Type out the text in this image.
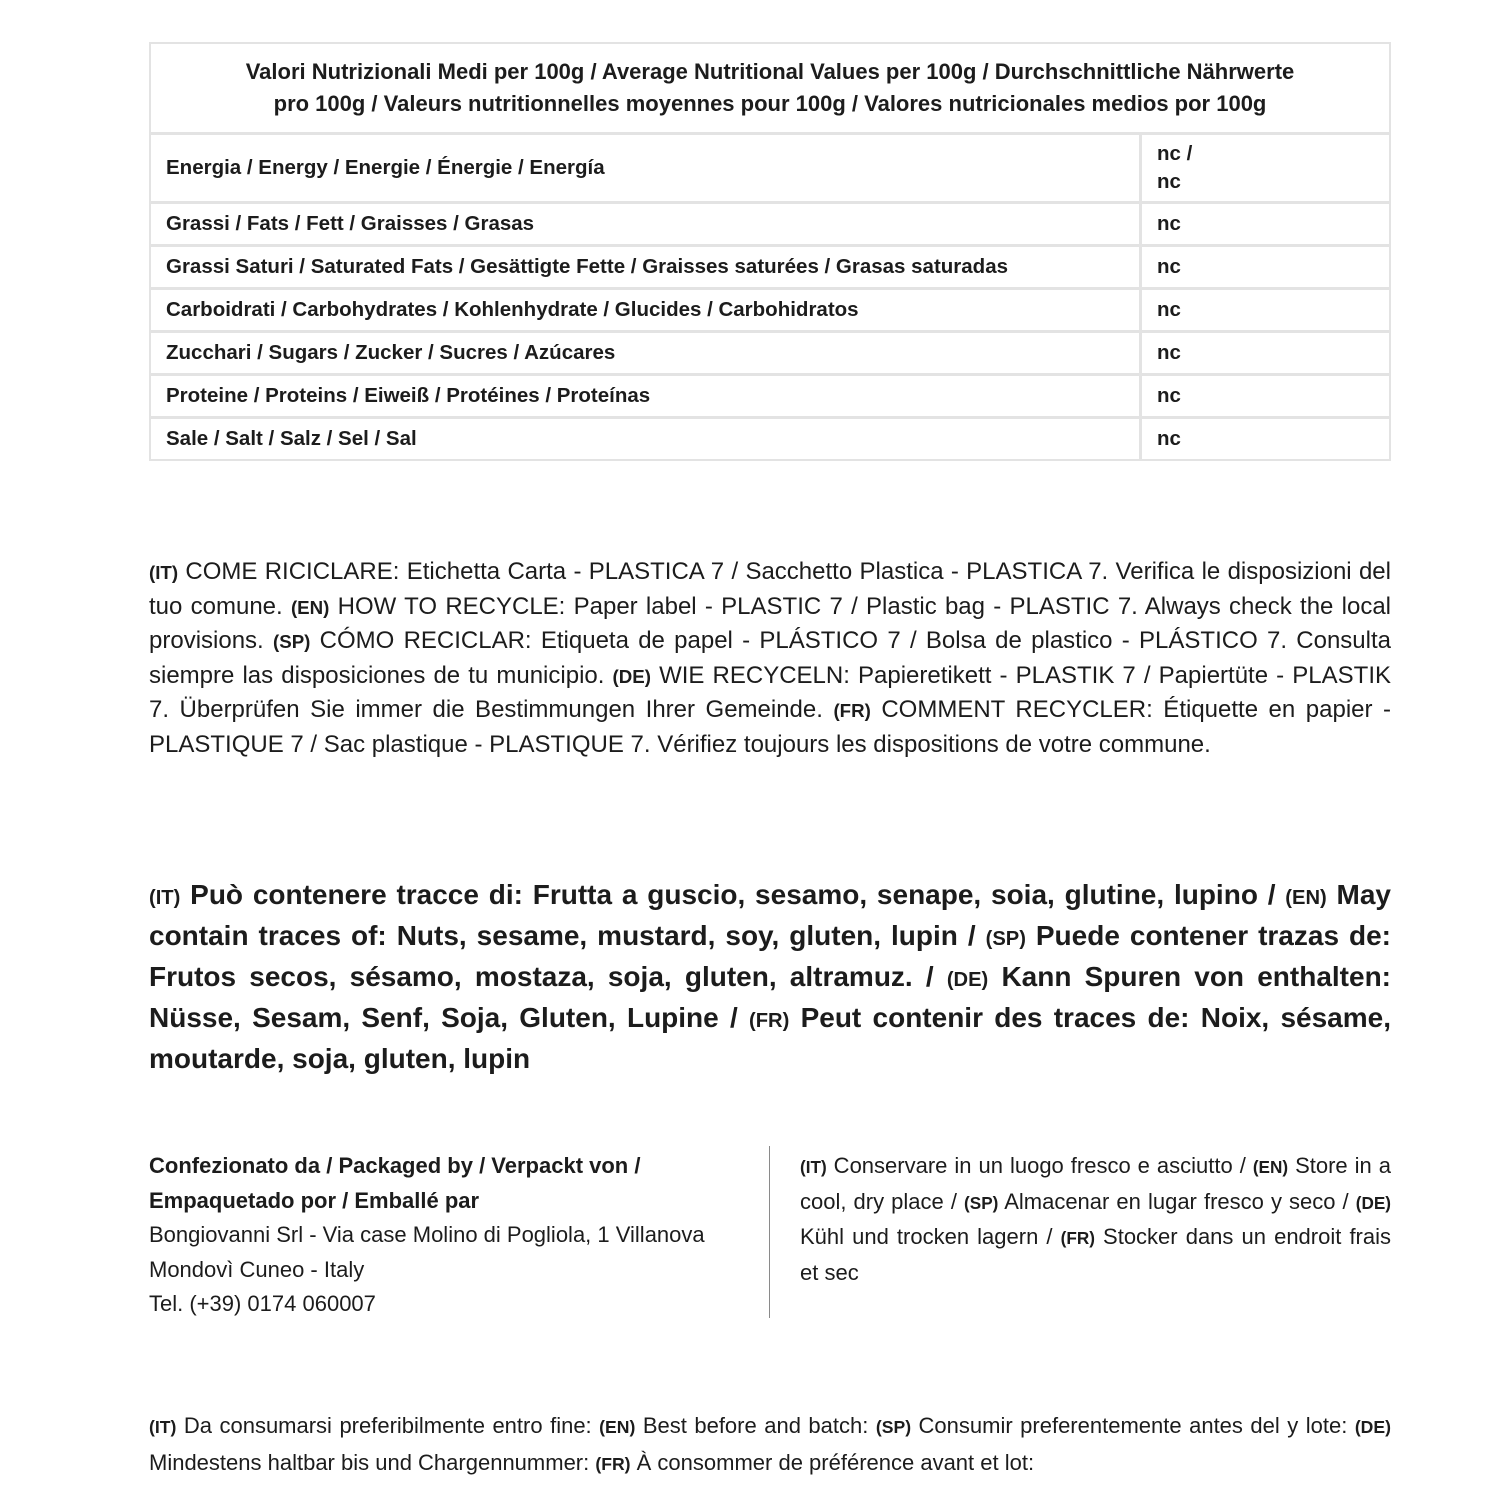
Valori Nutrizionali Medi per 100g / Average Nutritional Values per 100g / Durchschnittliche Nährwerte
pro 100g / Valeurs nutritionnelles moyennes pour 100g / Valores nutricionales medios por 100g	
Energia / Energy / Energie / Énergie / Energía	nc /
nc
Grassi / Fats / Fett / Graisses / Grasas	nc
Grassi Saturi / Saturated Fats / Gesättigte Fette / Graisses saturées / Grasas saturadas	nc
Carboidrati / Carbohydrates / Kohlenhydrate / Glucides / Carbohidratos	nc
Zucchari / Sugars / Zucker / Sucres / Azúcares	nc
Proteine / Proteins / Eiweiß / Protéines / Proteínas	nc
Sale / Salt / Salz / Sel / Sal	nc

(IT) COME RICICLARE: Etichetta Carta - PLASTICA 7 / Sacchetto Plastica - PLASTICA 7. Verifica le disposizioni del tuo comune. (EN) HOW TO RECYCLE: Paper label - PLASTIC 7 / Plastic bag - PLASTIC 7. Always check the local provisions. (SP) CÓMO RECICLAR: Etiqueta de papel - PLÁSTICO 7 / Bolsa de plastico - PLÁSTICO 7. Consulta siempre las disposiciones de tu municipio. (DE) WIE RECYCELN: Papieretikett - PLASTIK 7 / Papiertüte - PLASTIK 7. Überprüfen Sie immer die Bestimmungen Ihrer Gemeinde. (FR) COMMENT RECYCLER: Étiquette en papier - PLASTIQUE 7 / Sac plastique - PLASTIQUE 7. Vérifiez toujours les dispositions de votre commune.

(IT) Può contenere tracce di: Frutta a guscio, sesamo, senape, soia, glutine, lupino / (EN) May contain traces of: Nuts, sesame, mustard, soy, gluten, lupin / (SP) Puede contener trazas de: Frutos secos, sésamo, mostaza, soja, gluten, altramuz. / (DE) Kann Spuren von enthalten: Nüsse, Sesam, Senf, Soja, Gluten, Lupine / (FR) Peut contenir des traces de: Noix, sésame, moutarde, soja, gluten, lupin

Confezionato da / Packaged by / Verpackt von /
Empaquetado por / Emballé par
Bongiovanni Srl - Via case Molino di Pogliola, 1 Villanova
Mondovì Cuneo - Italy
Tel. (+39) 0174 060007

(IT) Conservare in un luogo fresco e asciutto / (EN) Store in a cool, dry place / (SP) Almacenar en lugar fresco y seco / (DE) Kühl und trocken lagern / (FR) Stocker dans un endroit frais et sec

(IT) Da consumarsi preferibilmente entro fine: (EN) Best before and batch: (SP) Consumir preferentemente antes del y lote: (DE) Mindestens haltbar bis und Chargennummer: (FR) À consommer de préférence avant et lot:
